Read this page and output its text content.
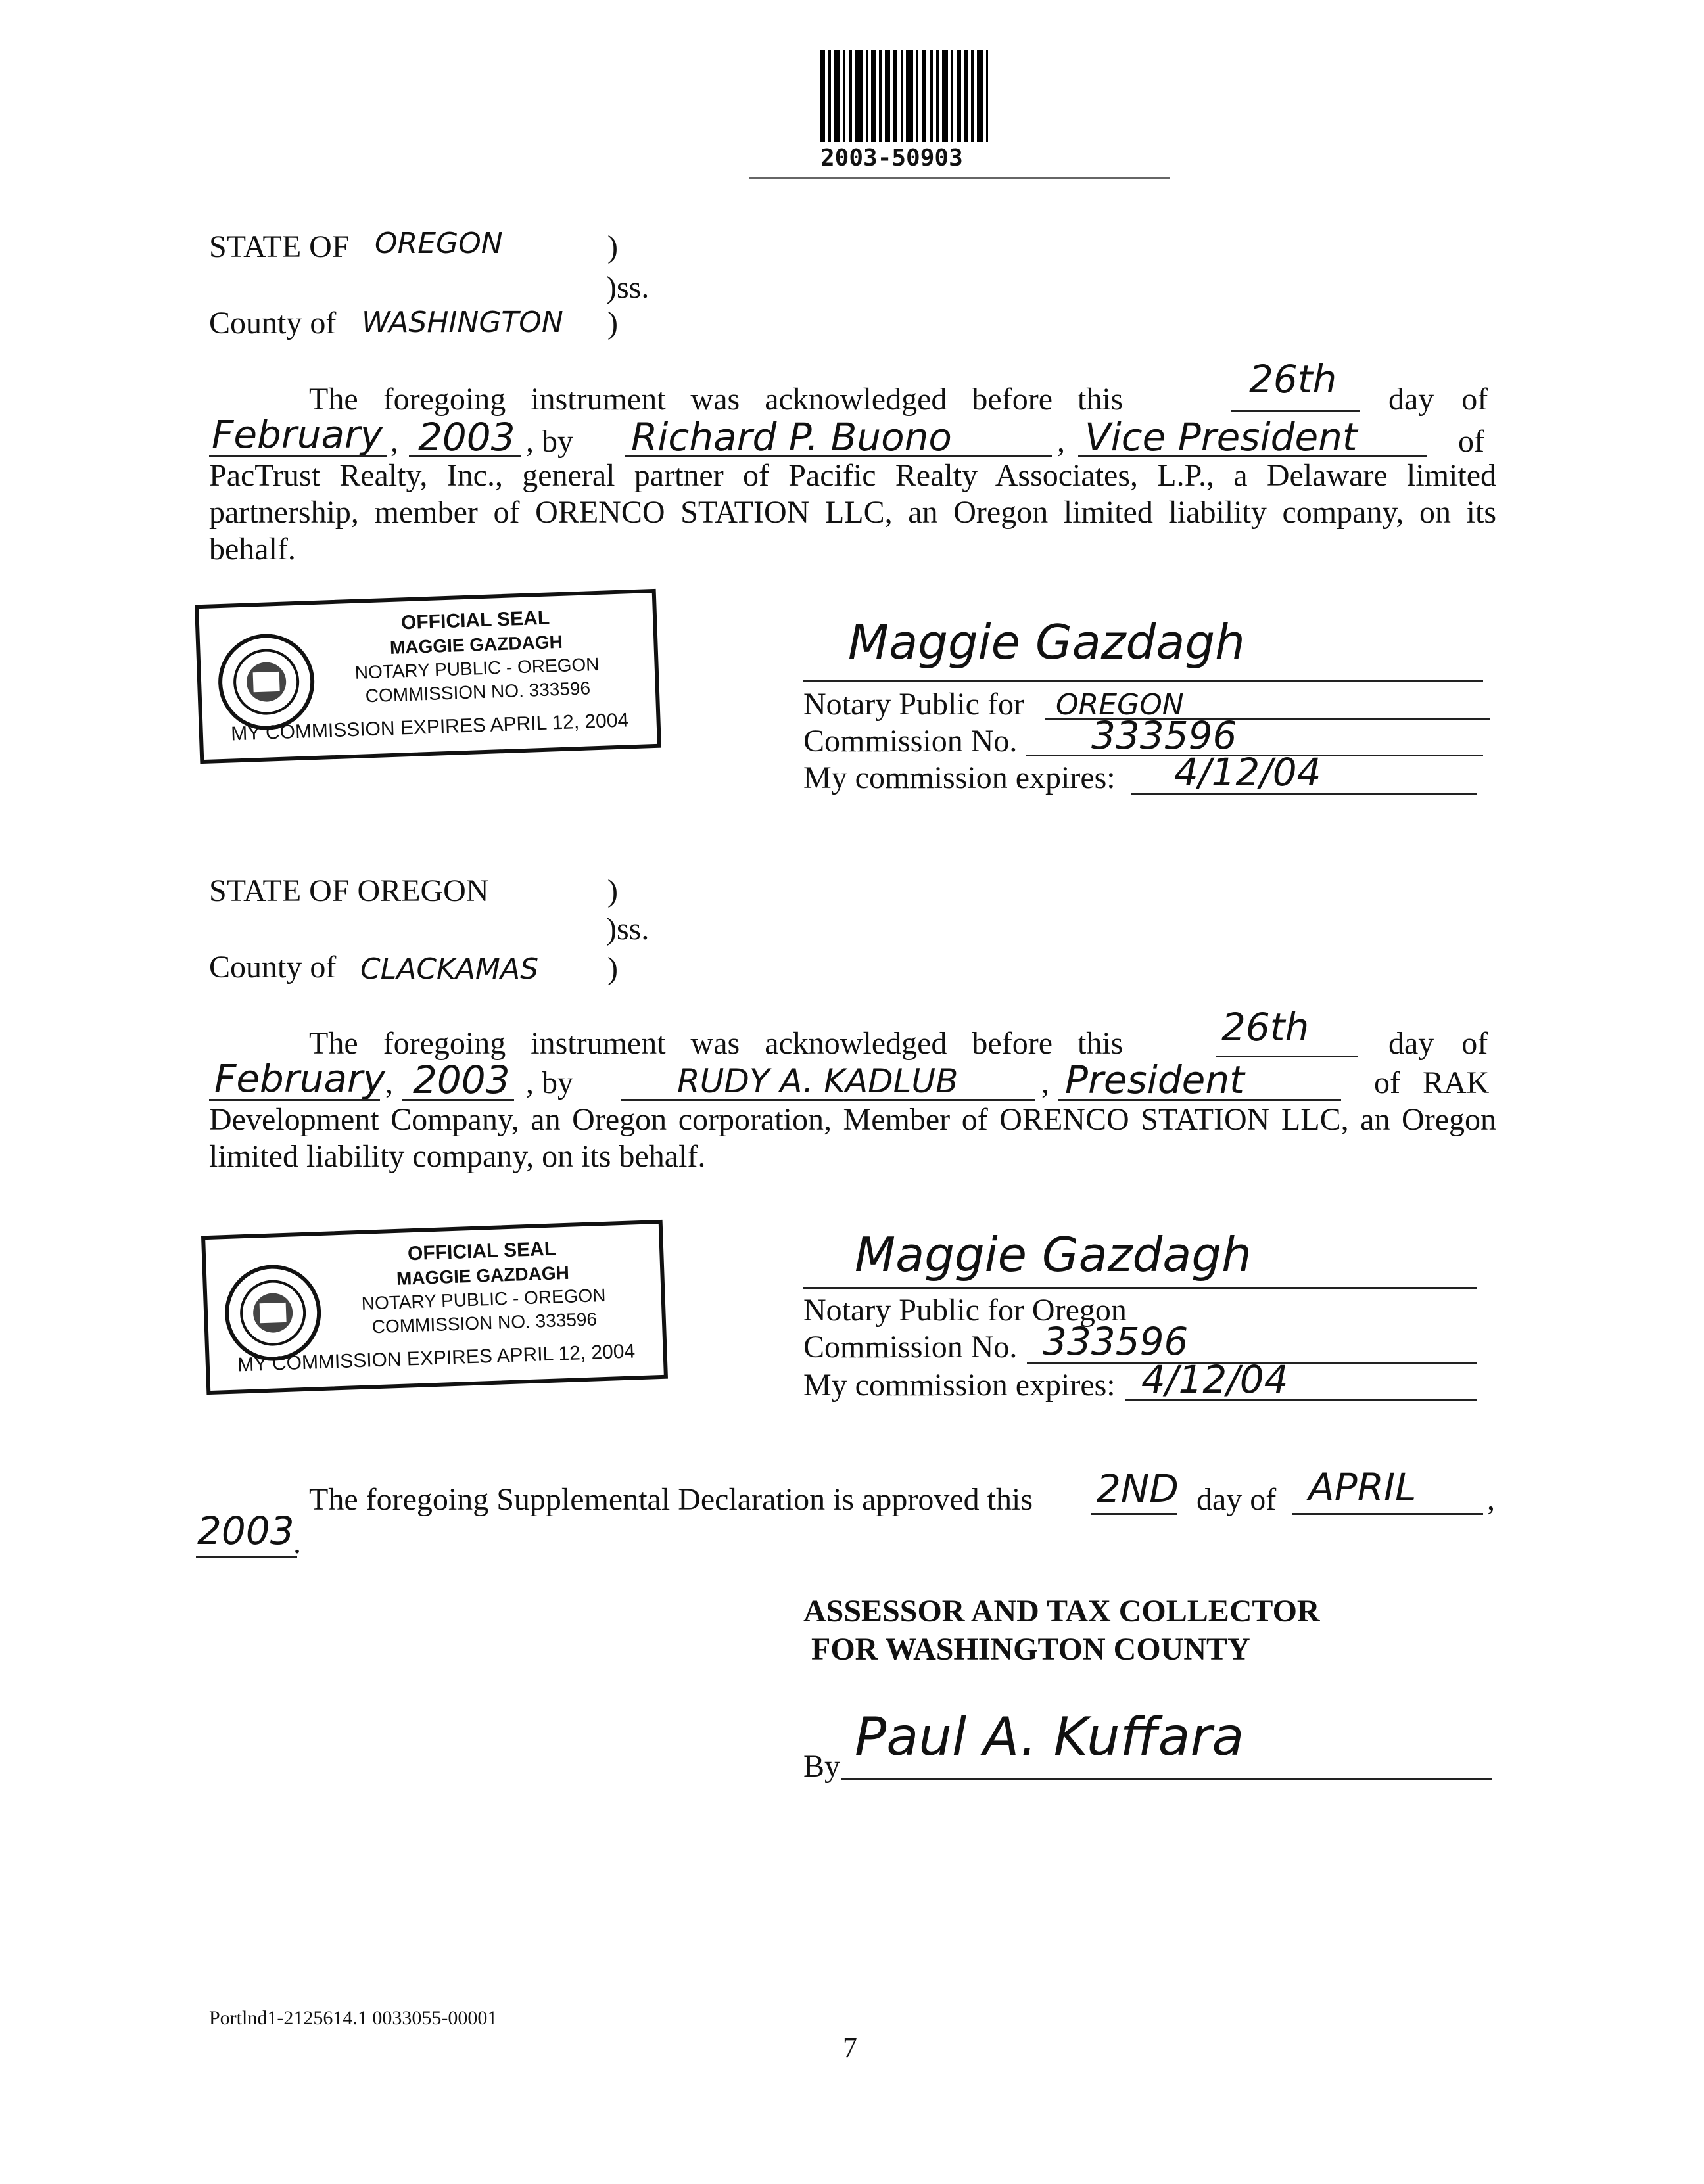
2003-50903
STATE OF OREGON	)
)ss.
County of WASHINGTON )
The foregoing instrument was acknowledged before this	26th day of
February , 2003 , by Richard P. Buono	, Vice President	of
PacTrust Realty, Inc., general partner of Pacific Realty Associates, L.P., a Delaware limited partnership, member of ORENCO STATION LLC, an Oregon limited liability company, on its behalf.
OFFICIAL SEAL
MAGGIE GAZDAGH
NOTARY PUBLIC - OREGON
COMMISSION NO. 333596
MY COMMISSION EXPIRES APRIL 12, 2004
Maggie Gazdagh
Notary Public for OREGON
Commission No. 333596
My commission expires: 4/12/04
STATE OF OREGON	)
)ss.
County of CLACKAMAS )
The foregoing instrument was acknowledged before this	26th	day of
February , 2003 , by	RUDY A. KADLUB	, President	of RAK
Development Company, an Oregon corporation, Member of ORENCO STATION LLC, an Oregon limited liability company, on its behalf.
OFFICIAL SEAL
MAGGIE GAZDAGH
NOTARY PUBLIC - OREGON
COMMISSION NO. 333596
MY COMMISSION EXPIRES APRIL 12, 2004
Maggie Gazdagh
Notary Public for Oregon
Commission No. 333596
My commission expires: 4/12/04
The foregoing Supplemental Declaration is approved this 2ND day of APRIL ,
2003
.
ASSESSOR AND TAX COLLECTOR
FOR WASHINGTON COUNTY
By Paul A. Kuffara
Portlnd1-2125614.1 0033055-00001
7
